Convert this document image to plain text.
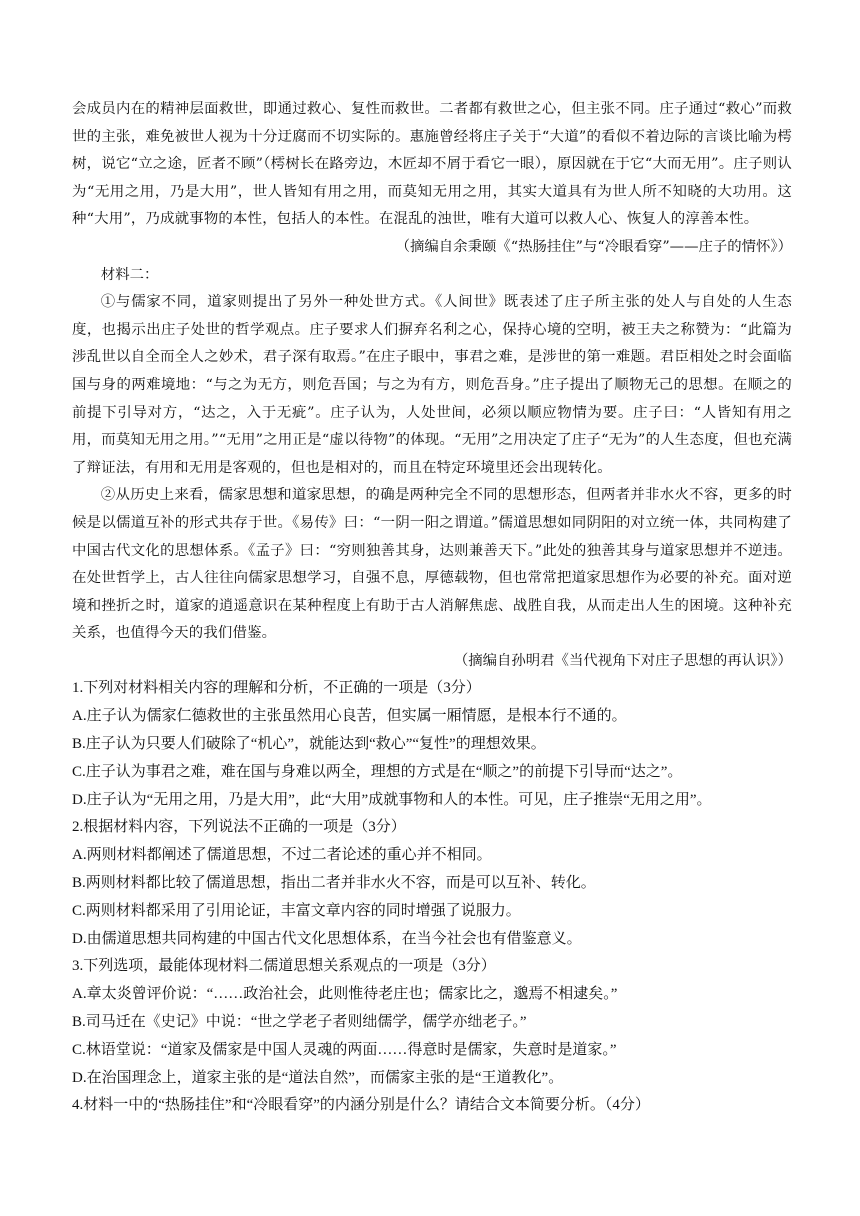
会成员内在的精神层面救世，即通过救心、复性而救世。二者都有救世之心，但主张不同。庄子通过“救心”而救世的主张，难免被世人视为十分迂腐而不切实际的。惠施曾经将庄子关于“大道”的看似不着边际的言谈比喻为樗树，说它“立之途，匠者不顾”（樗树长在路旁边，木匠却不屑于看它一眼），原因就在于它“大而无用”。庄子则认为“无用之用，乃是大用”，世人皆知有用之用，而莫知无用之用，其实大道具有为世人所不知晓的大功用。这种“大用”，乃成就事物的本性，包括人的本性。在混乱的浊世，唯有大道可以救人心、恢复人的淳善本性。

（摘编自余秉颐《“热肠挂住”与“冷眼看穿”——庄子的情怀》）

材料二：

①与儒家不同，道家则提出了另外一种处世方式。《人间世》既表述了庄子所主张的处人与自处的人生态度，也揭示出庄子处世的哲学观点。庄子要求人们摒弃名利之心，保持心境的空明，被王夫之称赞为：“此篇为涉乱世以自全而全人之妙术，君子深有取焉。”在庄子眼中，事君之难，是涉世的第一难题。君臣相处之时会面临国与身的两难境地：“与之为无方，则危吾国；与之为有方，则危吾身。”庄子提出了顺物无己的思想。在顺之的前提下引导对方，“达之，入于无疵”。庄子认为，人处世间，必须以顺应物情为要。庄子曰：“人皆知有用之用，而莫知无用之用。”“无用”之用正是“虚以待物”的体现。“无用”之用决定了庄子“无为”的人生态度，但也充满了辩证法，有用和无用是客观的，但也是相对的，而且在特定环境里还会出现转化。

②从历史上来看，儒家思想和道家思想，的确是两种完全不同的思想形态，但两者并非水火不容，更多的时候是以儒道互补的形式共存于世。《易传》曰：“一阴一阳之谓道。”儒道思想如同阴阳的对立统一体，共同构建了中国古代文化的思想体系。《孟子》曰：“穷则独善其身，达则兼善天下。”此处的独善其身与道家思想并不逆违。在处世哲学上，古人往往向儒家思想学习，自强不息，厚德载物，但也常常把道家思想作为必要的补充。面对逆境和挫折之时，道家的逍遥意识在某种程度上有助于古人消解焦虑、战胜自我，从而走出人生的困境。这种补充关系，也值得今天的我们借鉴。

（摘编自孙明君《当代视角下对庄子思想的再认识》）

1.下列对材料相关内容的理解和分析，不正确的一项是（3分）

A.庄子认为儒家仁德救世的主张虽然用心良苦，但实属一厢情愿，是根本行不通的。

B.庄子认为只要人们破除了“机心”，就能达到“救心”“复性”的理想效果。

C.庄子认为事君之难，难在国与身难以两全，理想的方式是在“顺之”的前提下引导而“达之”。

D.庄子认为“无用之用，乃是大用”，此“大用”成就事物和人的本性。可见，庄子推崇“无用之用”。

2.根据材料内容，下列说法不正确的一项是（3分）

A.两则材料都阐述了儒道思想，不过二者论述的重心并不相同。

B.两则材料都比较了儒道思想，指出二者并非水火不容，而是可以互补、转化。

C.两则材料都采用了引用论证，丰富文章内容的同时增强了说服力。

D.由儒道思想共同构建的中国古代文化思想体系，在当今社会也有借鉴意义。

3.下列选项，最能体现材料二儒道思想关系观点的一项是（3分）

A.章太炎曾评价说：“……政治社会，此则惟待老庄也；儒家比之，邈焉不相逮矣。”

B.司马迁在《史记》中说：“世之学老子者则绌儒学，儒学亦绌老子。”

C.林语堂说：“道家及儒家是中国人灵魂的两面……得意时是儒家，失意时是道家。”

D.在治国理念上，道家主张的是“道法自然”，而儒家主张的是“王道教化”。

4.材料一中的“热肠挂住”和“冷眼看穿”的内涵分别是什么？请结合文本简要分析。（4分）
